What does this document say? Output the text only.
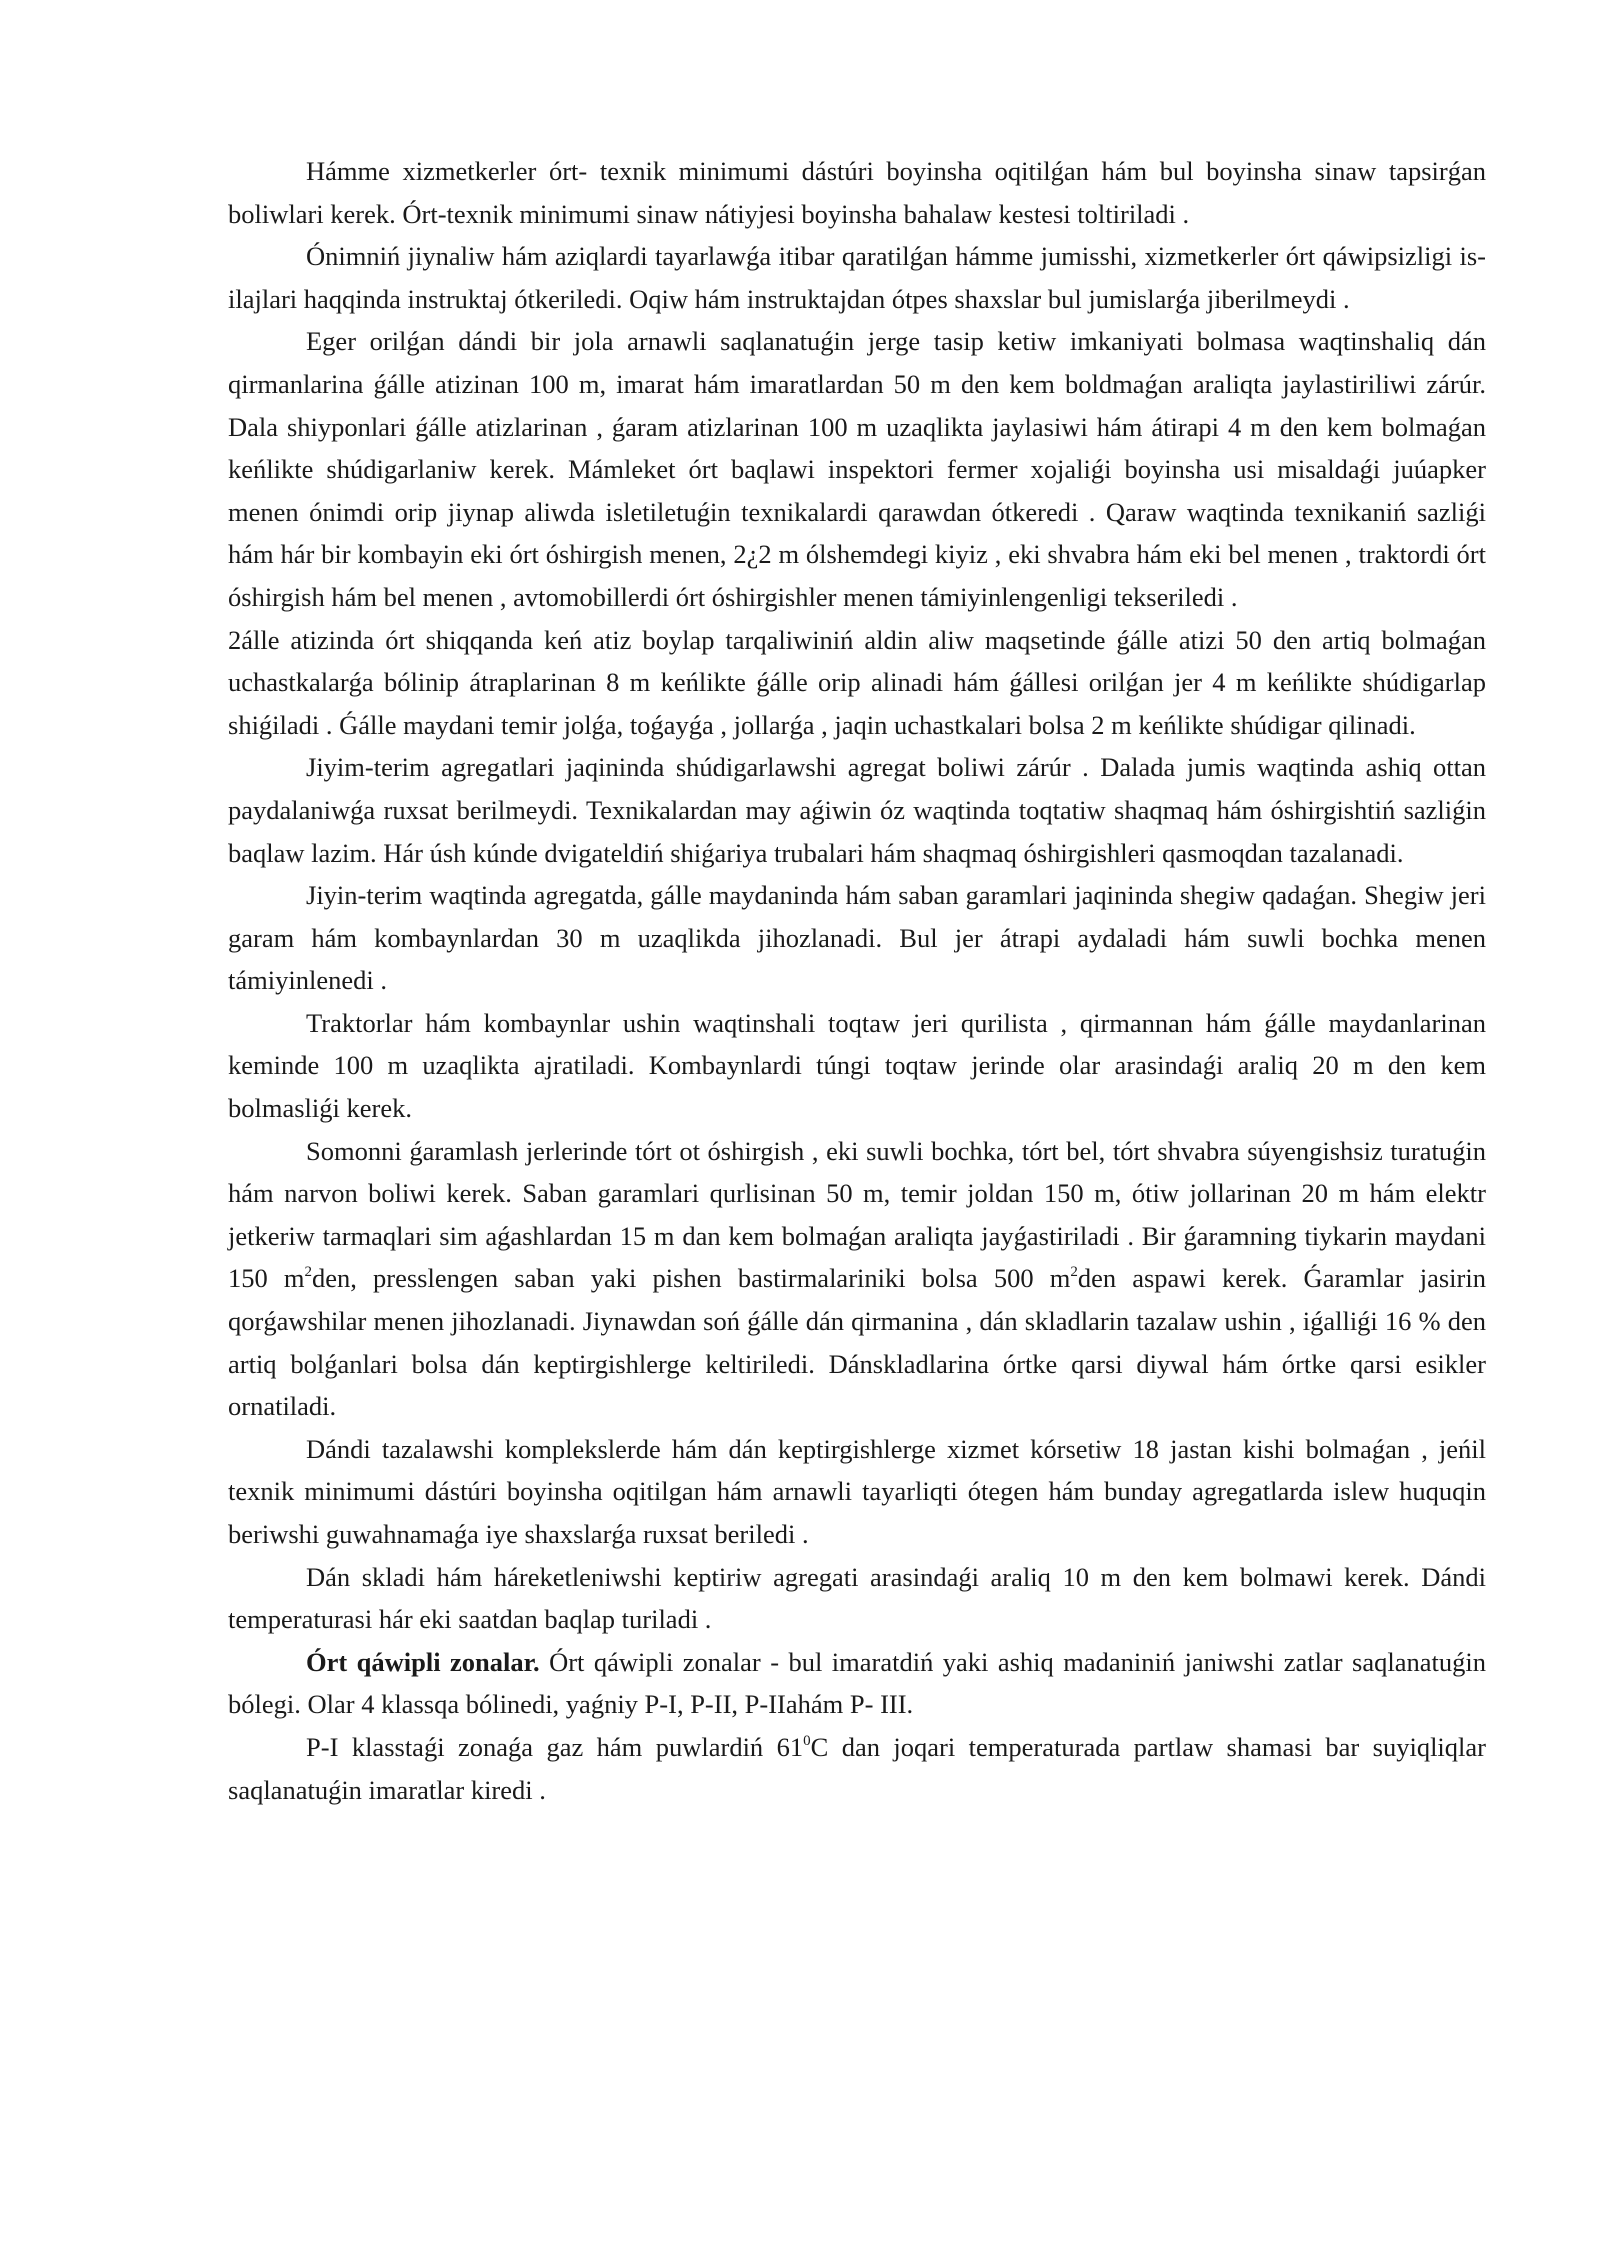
Hámme xizmetkerler órt- texnik minimumi dástúri boyinsha oqitilǵan hám bul boyinsha sinaw tapsirǵan boliwlari kerek. Órt-texnik minimumi sinaw nátiyjesi boyinsha bahalaw kestesi toltiriladi .

Ónimniń jiynaliw hám aziqlardi tayarlawǵa itibar qaratilǵan hámme jumisshi, xizmetkerler órt qáwipsizligi is-ilajlari haqqinda instruktaj ótkeriledi. Oqiw hám instruktajdan ótpes shaxslar bul jumislarǵa jiberilmeydi .

Eger orilǵan dándi bir jola arnawli saqlanatuǵin jerge tasip ketiw imkaniyati bolmasa waqtinshaliq dán qirmanlarina ǵálle atizinan 100 m, imarat hám imaratlardan 50 m den kem boldmaǵan araliqta jaylastiriliwi zárúr. Dala shiyponlari ǵálle atizlarinan , ǵaram atizlarinan 100 m uzaqlikta jaylasiwi hám átirapi 4 m den kem bolmaǵan keńlikte shúdigarlaniw kerek. Mámleket órt baqlawi inspektori fermer xojaliǵi boyinsha usi misaldaǵi juúapker menen ónimdi orip jiynap aliwda isletiletuǵin texnikalardi qarawdan ótkeredi . Qaraw waqtinda texnikaniń sazliǵi hám hár bir kombayin eki órt óshirgish menen, 2¿2 m ólshemdegi kiyiz , eki shvabra hám eki bel menen , traktordi órt óshirgish hám bel menen , avtomobillerdi órt óshirgishler menen támiyinlengenligi tekseriledi .

2álle atizinda órt shiqqanda keń atiz boylap tarqaliwiniń aldin aliw maqsetinde ǵálle atizi 50 den artiq bolmaǵan uchastkalarǵa bólinip átraplarinan 8 m keńlikte ǵálle orip alinadi hám ǵállesi orilǵan jer 4 m keńlikte shúdigarlap shiǵiladi . Ǵálle maydani temir jolǵa, toǵayǵa , jollarǵa , jaqin uchastkalari bolsa 2 m keńlikte shúdigar qilinadi.

Jiyim-terim agregatlari jaqininda shúdigarlawshi agregat boliwi zárúr . Dalada jumis waqtinda ashiq ottan paydalaniwǵa ruxsat berilmeydi. Texnikalardan may aǵiwin óz waqtinda toqtatiw shaqmaq hám óshirgishtiń sazliǵin baqlaw lazim. Hár úsh kúnde dvigateldiń shiǵariya trubalari hám shaqmaq óshirgishleri qasmoqdan tazalanadi.

Jiyin-terim waqtinda agregatda, gálle maydaninda hám saban garamlari jaqininda shegiw qadaǵan. Shegiw jeri garam hám kombaynlardan 30 m uzaqlikda jihozlanadi. Bul jer átrapi aydaladi hám suwli bochka menen támiyinlenedi .

Traktorlar hám kombaynlar ushin waqtinshali toqtaw jeri qurilista , qirmannan hám ǵálle maydanlarinan keminde 100 m uzaqlikta ajratiladi. Kombaynlardi túngi toqtaw jerinde olar arasindaǵi araliq 20 m den kem bolmasliǵi kerek.

Somonni ǵaramlash jerlerinde tórt ot óshirgish , eki suwli bochka, tórt bel, tórt shvabra súyengishsiz turatuǵin hám narvon boliwi kerek. Saban garamlari qurlisinan 50 m, temir joldan 150 m, ótiw jollarinan 20 m hám elektr jetkeriw tarmaqlari sim aǵashlardan 15 m dan kem bolmaǵan araliqta jayǵastiriladi . Bir ǵaramning tiykarin maydani 150 $m^2den$, presslengen saban yaki pishen bastirmalariniki bolsa 500 $m^2den$ aspawi kerek. Ǵaramlar jasirin qorǵawshilar menen jihozlanadi. Jiynawdan soń ǵálle dán qirmanina , dán skladlarin tazalaw ushin , iǵalliǵi 16 % den artiq bolǵanlari bolsa dán keptirgishlerge keltiriledi. Dánskladlarina órtke qarsi diywal hám órtke qarsi esikler ornatiladi.

Dándi tazalawshi komplekslerde hám dán keptirgishlerge xizmet kórsetiw 18 jastan kishi bolmaǵan , jeńil texnik minimumi dástúri boyinsha oqitilgan hám arnawli tayarliqti ótegen hám bunday agregatlarda islew huquqin beriwshi guwahnamaǵa iye shaxslarǵa ruxsat beriledi .

Dán skladi hám háreketleniwshi keptiriw agregati arasindaǵi araliq 10 m den kem bolmawi kerek. Dándi temperaturasi hár eki saatdan baqlap turiladi .

Órt qáwipli zonalar. Órt qáwipli zonalar - bul imaratdiń yaki ashiq madaniniń janiwshi zatlar saqlanatuǵin bólegi. Olar 4 klassqa bólinedi, yaǵniy P-I, P-II, P-IIahám P- III.

P-I klasstaǵi zonaǵa gaz hám puwlardiń $61^0C$ dan joqari temperaturada partlaw shamasi bar suyiqliqlar saqlanatuǵin imaratlar kiredi .
